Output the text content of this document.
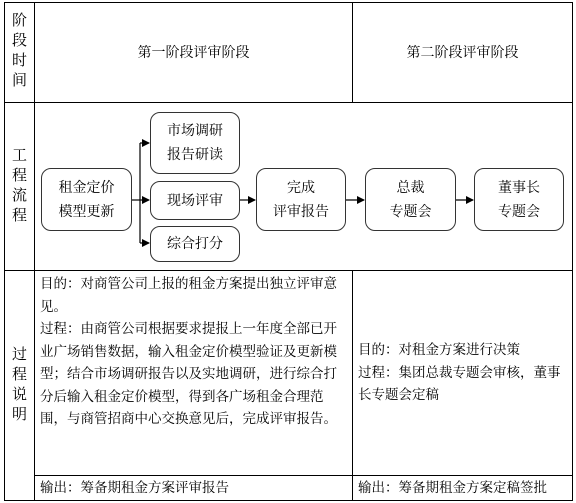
阶段时间
工程流程
过程说明
第一阶段评审阶段	第二阶段评审阶段
租金定价
模型更新
市场调研
报告研读
现场评审
综合打分
完成
评审报告
总裁
专题会
董事长
专题会

目的：对商管公司上报的租金方案提出独立评审意见。

过程：由商管公司根据要求提报上一年度全部已开业广场销售数据，输入租金定价模型验证及更新模型；结合市场调研报告以及实地调研，进行综合打分后输入租金定价模型，得到各广场租金合理范围，与商管招商中心交换意见后，完成评审报告。

输出：筹备期租金方案评审报告

目的：对租金方案进行决策

过程：集团总裁专题会审核，董事长专题会定稿

输出：筹备期租金方案定稿签批
